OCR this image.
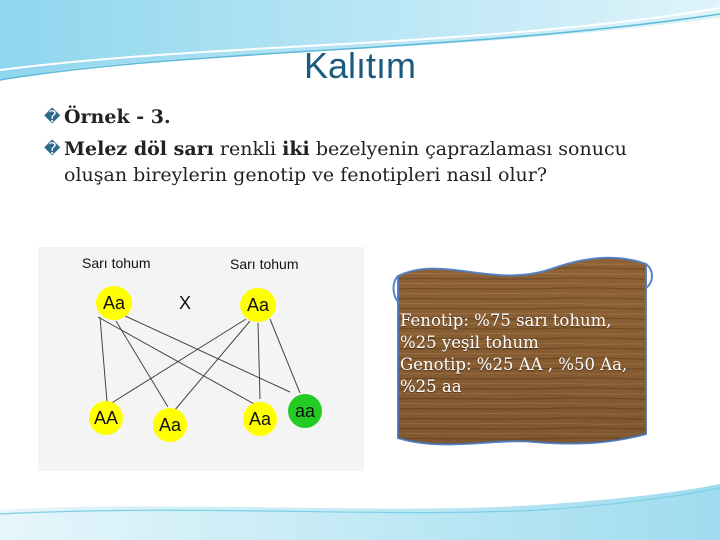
Kalıtım
� Örnek - 3.
� Melez döl sarı renkli iki bezelyenin çaprazlaması sonucu oluşan bireylerin genotip ve fenotipleri nasıl olur?
Sarı tohum	Sarı tohum
X
Aa	Aa
AA Aa	Aa aa
Fenotip: %75 sarı tohum,
%25 yeşil tohum
Genotip: %25 AA , %50 Aa,
%25 aa
